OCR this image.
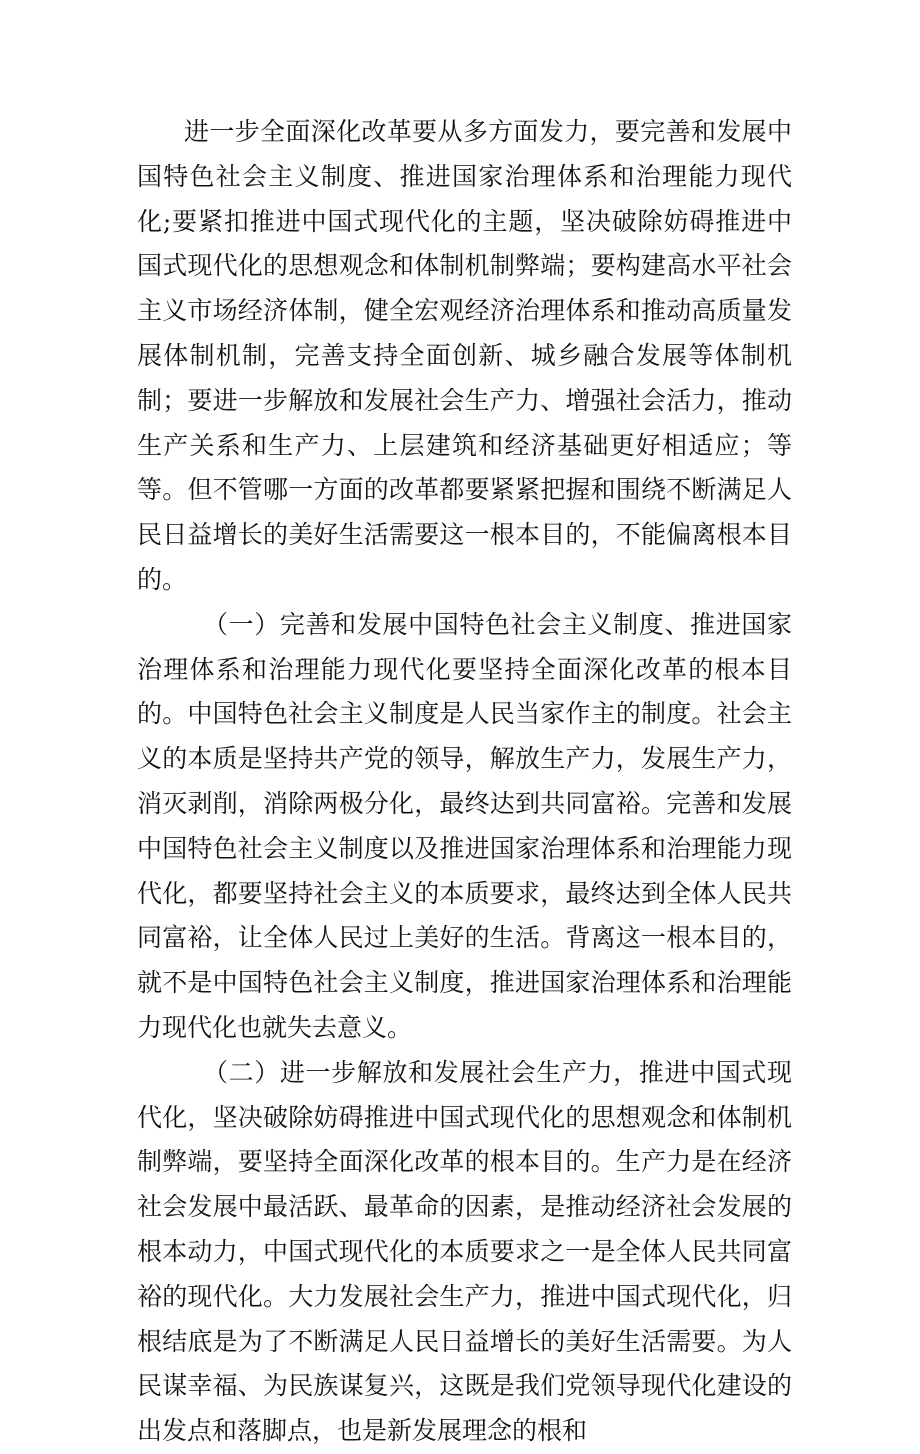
进一步全面深化改革要从多方面发力，要完善和发展中国特色社会主义制度、推进国家治理体系和治理能力现代化;要紧扣推进中国式现代化的主题，坚决破除妨碍推进中国式现代化的思想观念和体制机制弊端；要构建高水平社会主义市场经济体制，健全宏观经济治理体系和推动高质量发展体制机制，完善支持全面创新、城乡融合发展等体制机制；要进一步解放和发展社会生产力、增强社会活力，推动生产关系和生产力、上层建筑和经济基础更好相适应；等等。但不管哪一方面的改革都要紧紧把握和围绕不断满足人民日益增长的美好生活需要这一根本目的，不能偏离根本目的。

（一）完善和发展中国特色社会主义制度、推进国家治理体系和治理能力现代化要坚持全面深化改革的根本目的。中国特色社会主义制度是人民当家作主的制度。社会主义的本质是坚持共产党的领导，解放生产力，发展生产力，消灭剥削，消除两极分化，最终达到共同富裕。完善和发展中国特色社会主义制度以及推进国家治理体系和治理能力现代化，都要坚持社会主义的本质要求，最终达到全体人民共同富裕，让全体人民过上美好的生活。背离这一根本目的，就不是中国特色社会主义制度，推进国家治理体系和治理能力现代化也就失去意义。

（二）进一步解放和发展社会生产力，推进中国式现代化，坚决破除妨碍推进中国式现代化的思想观念和体制机制弊端，要坚持全面深化改革的根本目的。生产力是在经济社会发展中最活跃、最革命的因素，是推动经济社会发展的根本动力，中国式现代化的本质要求之一是全体人民共同富裕的现代化。大力发展社会生产力，推进中国式现代化，归根结底是为了不断满足人民日益增长的美好生活需要。为人民谋幸福、为民族谋复兴，这既是我们党领导现代化建设的出发点和落脚点，也是新发展理念的根和
